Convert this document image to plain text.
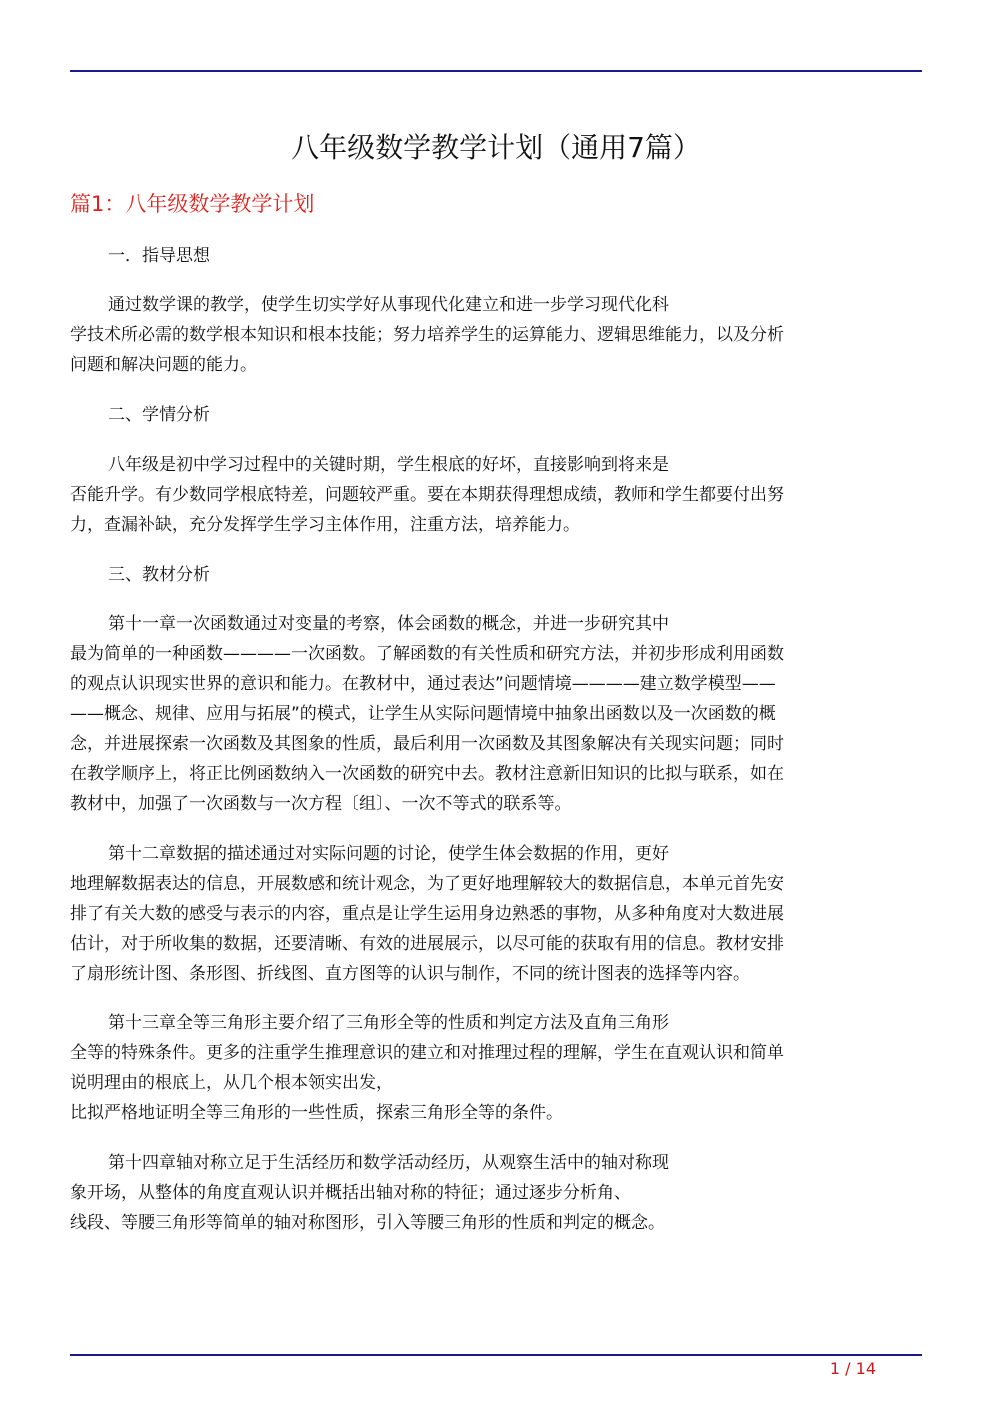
八年级数学教学计划（通用7篇）
篇1：八年级数学教学计划
一．指导思想
通过数学课的教学，使学生切实学好从事现代化建立和进一步学习现代化科
学技术所必需的数学根本知识和根本技能；努力培养学生的运算能力、逻辑思维能力，以及分析
问题和解决问题的能力。
二、学情分析
八年级是初中学习过程中的关键时期，学生根底的好坏，直接影响到将来是
否能升学。有少数同学根底特差，问题较严重。要在本期获得理想成绩，教师和学生都要付出努
力，查漏补缺，充分发挥学生学习主体作用，注重方法，培养能力。
三、教材分析
第十一章一次函数通过对变量的考察，体会函数的概念，并进一步研究其中
最为简单的一种函数————一次函数。了解函数的有关性质和研究方法，并初步形成利用函数
的观点认识现实世界的意识和能力。在教材中，通过表达”问题情境————建立数学模型——
——概念、规律、应用与拓展”的模式，让学生从实际问题情境中抽象出函数以及一次函数的概
念，并进展探索一次函数及其图象的性质，最后利用一次函数及其图象解决有关现实问题；同时
在教学顺序上，将正比例函数纳入一次函数的研究中去。教材注意新旧知识的比拟与联系，如在
教材中，加强了一次函数与一次方程〔组〕、一次不等式的联系等。
第十二章数据的描述通过对实际问题的讨论，使学生体会数据的作用，更好
地理解数据表达的信息，开展数感和统计观念，为了更好地理解较大的数据信息，本单元首先安
排了有关大数的感受与表示的内容，重点是让学生运用身边熟悉的事物，从多种角度对大数进展
估计，对于所收集的数据，还要清晰、有效的进展展示，以尽可能的获取有用的信息。教材安排
了扇形统计图、条形图、折线图、直方图等的认识与制作，不同的统计图表的选择等内容。
第十三章全等三角形主要介绍了三角形全等的性质和判定方法及直角三角形
全等的特殊条件。更多的注重学生推理意识的建立和对推理过程的理解，学生在直观认识和简单
说明理由的根底上，从几个根本领实出发，
比拟严格地证明全等三角形的一些性质，探索三角形全等的条件。
第十四章轴对称立足于生活经历和数学活动经历，从观察生活中的轴对称现
象开场，从整体的角度直观认识并概括出轴对称的特征；通过逐步分析角、
线段、等腰三角形等简单的轴对称图形，引入等腰三角形的性质和判定的概念。
1 / 14
